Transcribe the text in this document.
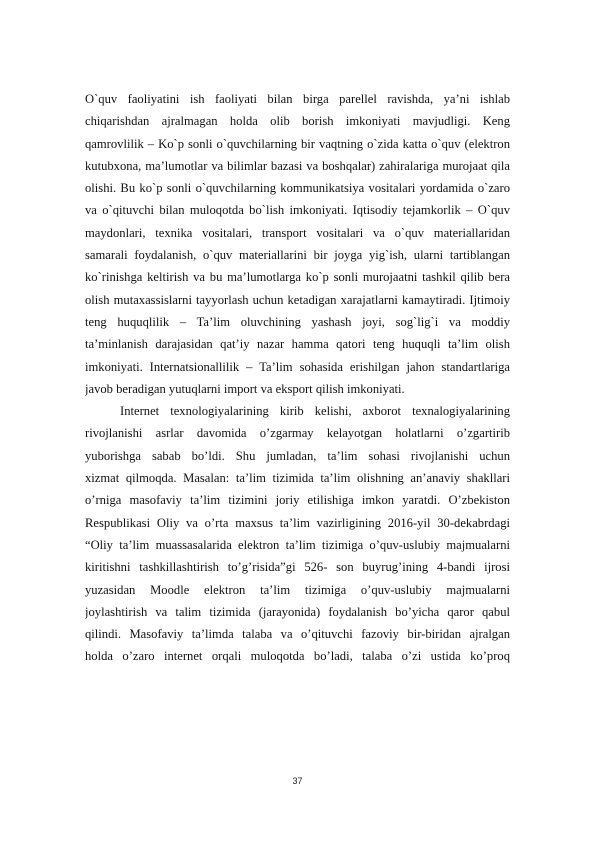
O`quv faoliyatini ish faoliyati bilan birga parellel ravishda, ya’ni ishlab
chiqarishdan ajralmagan holda olib borish imkoniyati mavjudligi. Keng
qamrovlilik – Ko`p sonli o`quvchilarning bir vaqtning o`zida katta o`quv (elektron
kutubxona, ma’lumotlar va bilimlar bazasi va boshqalar) zahiralariga murojaat qila
olishi. Bu ko`p sonli o`quvchilarning kommunikatsiya vositalari yordamida o`zaro
va o`qituvchi bilan muloqotda bo`lish imkoniyati. Iqtisodiy tejamkorlik – O`quv
maydonlari, texnika vositalari, transport vositalari va o`quv materiallaridan
samarali foydalanish, o`quv materiallarini bir joyga yig`ish, ularni tartiblangan
ko`rinishga keltirish va bu ma’lumotlarga ko`p sonli murojaatni tashkil qilib bera
olish mutaxassislarni tayyorlash uchun ketadigan xarajatlarni kamaytiradi. Ijtimoiy
teng huquqlilik – Ta’lim oluvchining yashash joyi, sog`lig`i va moddiy
ta’minlanish darajasidan qat’iy nazar hamma qatori teng huquqli ta’lim olish
imkoniyati. Internatsionallilik – Ta’lim sohasida erishilgan jahon standartlariga
javob beradigan yutuqlarni import va eksport qilish imkoniyati.
Internet texnologiyalarining kirib kelishi, axborot texnalogiyalarining
rivojlanishi asrlar davomida o’zgarmay kelayotgan holatlarni o’zgartirib
yuborishga sabab bo’ldi. Shu jumladan, ta’lim sohasi rivojlanishi uchun
xizmat qilmoqda. Masalan: ta’lim tizimida ta’lim olishning an’anaviy shakllari
o’rniga masofaviy ta’lim tizimini joriy etilishiga imkon yaratdi. O’zbekiston
Respublikasi Oliy va o’rta maxsus ta’lim vazirligining 2016-yil 30-dekabrdagi
“Oliy ta’lim muassasalarida elektron ta’lim tizimiga o’quv-uslubiy majmualarni
kiritishni tashkillashtirish to’g’risida”gi 526- son buyrug’ining 4-bandi ijrosi
yuzasidan Moodle elektron ta’lim tizimiga o’quv-uslubiy majmualarni
joylashtirish va talim tizimida (jarayonida) foydalanish bo’yicha qaror qabul
qilindi. Masofaviy ta’limda talaba va o’qituvchi fazoviy bir-biridan ajralgan
holda o’zaro internet orqali muloqotda bo’ladi, talaba o’zi ustida ko’proq
37
